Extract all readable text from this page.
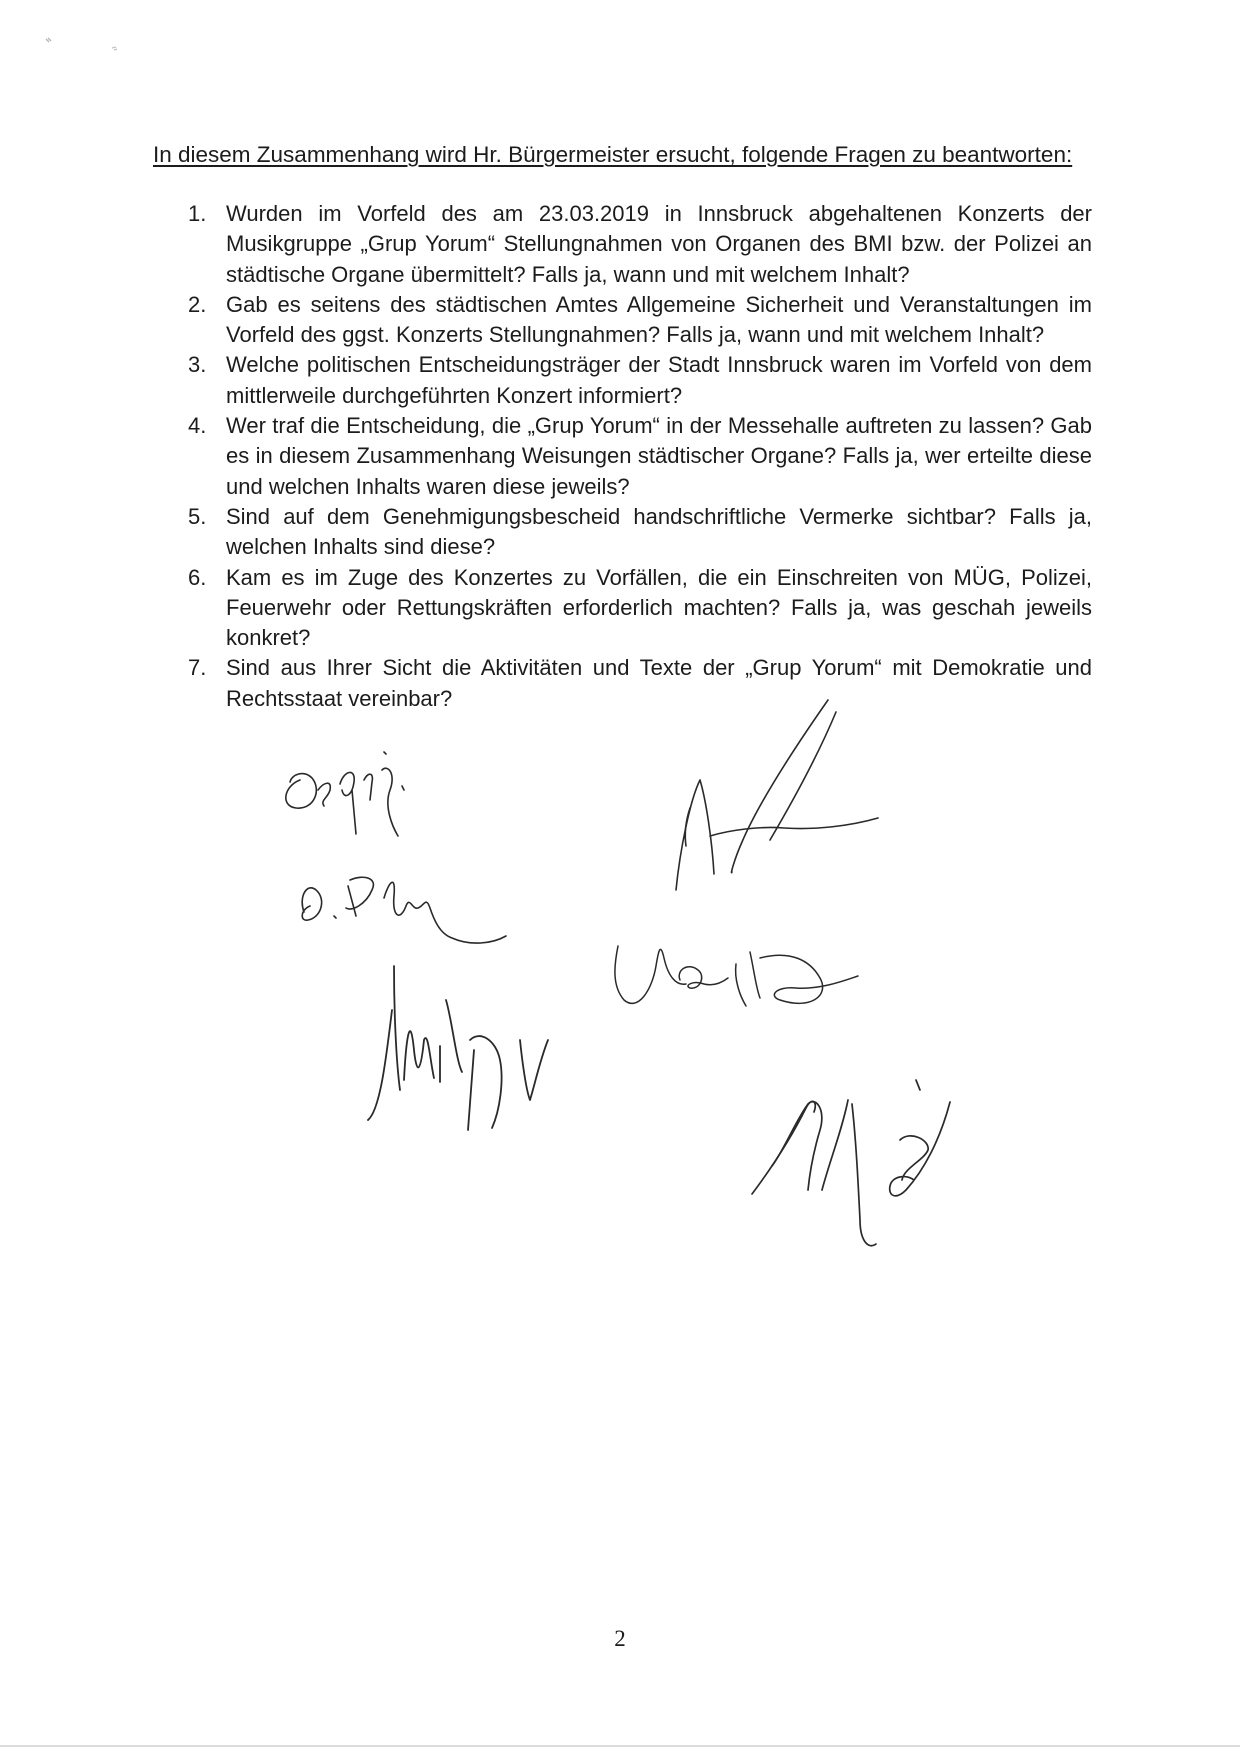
In diesem Zusammenhang wird Hr. Bürgermeister ersucht, folgende Fragen zu beantworten:
1. Wurden im Vorfeld des am 23.03.2019 in Innsbruck abgehaltenen Konzerts der Musikgruppe „Grup Yorum“ Stellungnahmen von Organen des BMI bzw. der Polizei an städtische Organe übermittelt? Falls ja, wann und mit welchem Inhalt?
2. Gab es seitens des städtischen Amtes Allgemeine Sicherheit und Veranstaltungen im Vorfeld des ggst. Konzerts Stellungnahmen? Falls ja, wann und mit welchem Inhalt?
3. Welche politischen Entscheidungsträger der Stadt Innsbruck waren im Vorfeld von dem mittlerweile durchgeführten Konzert informiert?
4. Wer traf die Entscheidung, die „Grup Yorum“ in der Messehalle auftreten zu lassen? Gab es in diesem Zusammenhang Weisungen städtischer Organe? Falls ja, wer erteilte diese und welchen Inhalts waren diese jeweils?
5. Sind auf dem Genehmigungsbescheid handschriftliche Vermerke sichtbar? Falls ja, welchen Inhalts sind diese?
6. Kam es im Zuge des Konzertes zu Vorfällen, die ein Einschreiten von MÜG, Polizei, Feuerwehr oder Rettungskräften erforderlich machten? Falls ja, was geschah jeweils konkret?
7. Sind aus Ihrer Sicht die Aktivitäten und Texte der „Grup Yorum“ mit Demokratie und Rechtsstaat vereinbar?
2
